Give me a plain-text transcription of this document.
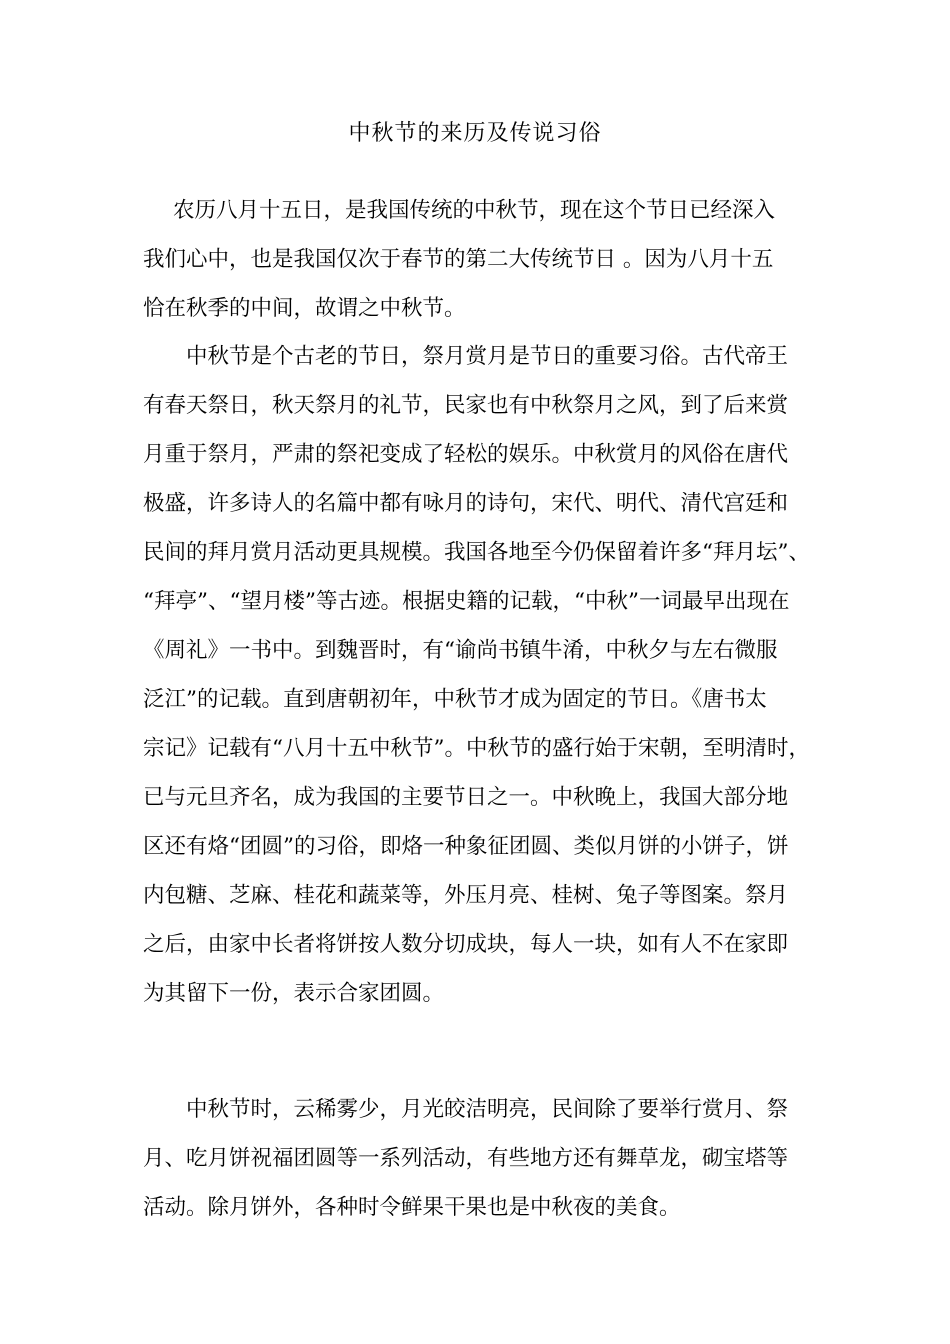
中秋节的来历及传说习俗

农历八月十五日，是我国传统的中秋节，现在这个节日已经深入
我们心中，也是我国仅次于春节的第二大传统节日 。因为八月十五
恰在秋季的中间，故谓之中秋节。

中秋节是个古老的节日，祭月赏月是节日的重要习俗。古代帝王
有春天祭日，秋天祭月的礼节，民家也有中秋祭月之风，到了后来赏
月重于祭月，严肃的祭祀变成了轻松的娱乐。中秋赏月的风俗在唐代
极盛，许多诗人的名篇中都有咏月的诗句，宋代、明代、清代宫廷和
民间的拜月赏月活动更具规模。我国各地至今仍保留着许多“拜月坛”、
“拜亭”、“望月楼”等古迹。根据史籍的记载，“中秋”一词最早出现在
《周礼》一书中。到魏晋时，有“谕尚书镇牛淆，中秋夕与左右微服
泛江”的记载。直到唐朝初年，中秋节才成为固定的节日。《唐书太
宗记》记载有“八月十五中秋节”。中秋节的盛行始于宋朝，至明清时，
已与元旦齐名，成为我国的主要节日之一。中秋晚上，我国大部分地
区还有烙“团圆”的习俗，即烙一种象征团圆、类似月饼的小饼子，饼
内包糖、芝麻、桂花和蔬菜等，外压月亮、桂树、兔子等图案。祭月
之后，由家中长者将饼按人数分切成块，每人一块，如有人不在家即
为其留下一份，表示合家团圆。

中秋节时，云稀雾少，月光皎洁明亮，民间除了要举行赏月、祭
月、吃月饼祝福团圆等一系列活动，有些地方还有舞草龙，砌宝塔等
活动。除月饼外，各种时令鲜果干果也是中秋夜的美食。
